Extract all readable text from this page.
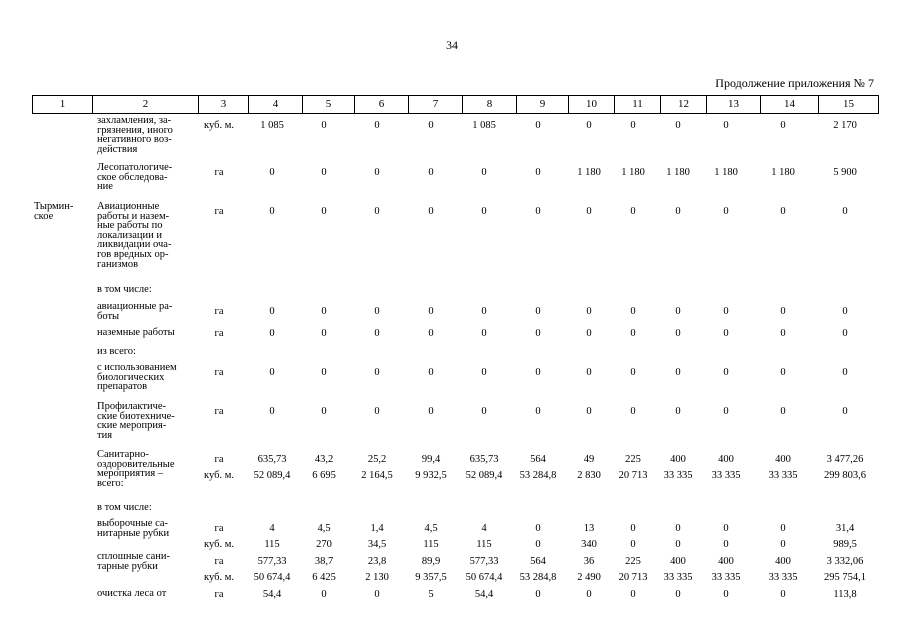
34
Продолжение приложения № 7
1	2	3	4	5	6	7	8	9	10	11	12	13	14	15
Тырмин-
ское
захламления, за-
грязнения, иного
негативного воз-
действия
куб. м.	1 085	0	0	0	1 085	0	0	0	0	0	0	2 170
Лесопатологиче-
ское обследова-
ние
га	0	0	0	0	0	0	1 180	1 180	1 180	1 180	1 180	5 900
Авиационные
работы и назем-
ные работы по
локализации и
ликвидации оча-
гов вредных ор-
ганизмов
га	0	0	0	0	0	0	0	0	0	0	0	0
в том числе:
авиационные ра-
боты	га	0	0	0	0	0	0	0	0	0	0	0	0
наземные работы	га	0	0	0	0	0	0	0	0	0	0	0	0
из всего:
с использованием
биологических
препаратов
га	0	0	0	0	0	0	0	0	0	0	0	0
Профилактиче-
ские биотехниче-
ские мероприя-
тия
га	0	0	0	0	0	0	0	0	0	0	0	0
Санитарно-
оздоровительные
мероприятия –
всего:
га	635,73	43,2	25,2	99,4	635,73	564	49	225	400	400	400	3 477,26
куб. м.	52 089,4	6 695	2 164,5	9 932,5	52 089,4	53 284,8	2 830	20 713	33 335	33 335	33 335	299 803,6
в том числе:
выборочные са-
нитарные рубки	га	4	4,5	1,4	4,5	4	0	13	0	0	0	0	31,4
куб. м.	115	270	34,5	115	115	0	340	0	0	0	0	989,5
сплошные сани-
тарные рубки	га	577,33	38,7	23,8	89,9	577,33	564	36	225	400	400	400	3 332,06
куб. м.	50 674,4	6 425	2 130	9 357,5	50 674,4	53 284,8	2 490	20 713	33 335	33 335	33 335	295 754,1
очистка леса от	га	54,4	0	0	5	54,4	0	0	0	0	0	0	113,8
